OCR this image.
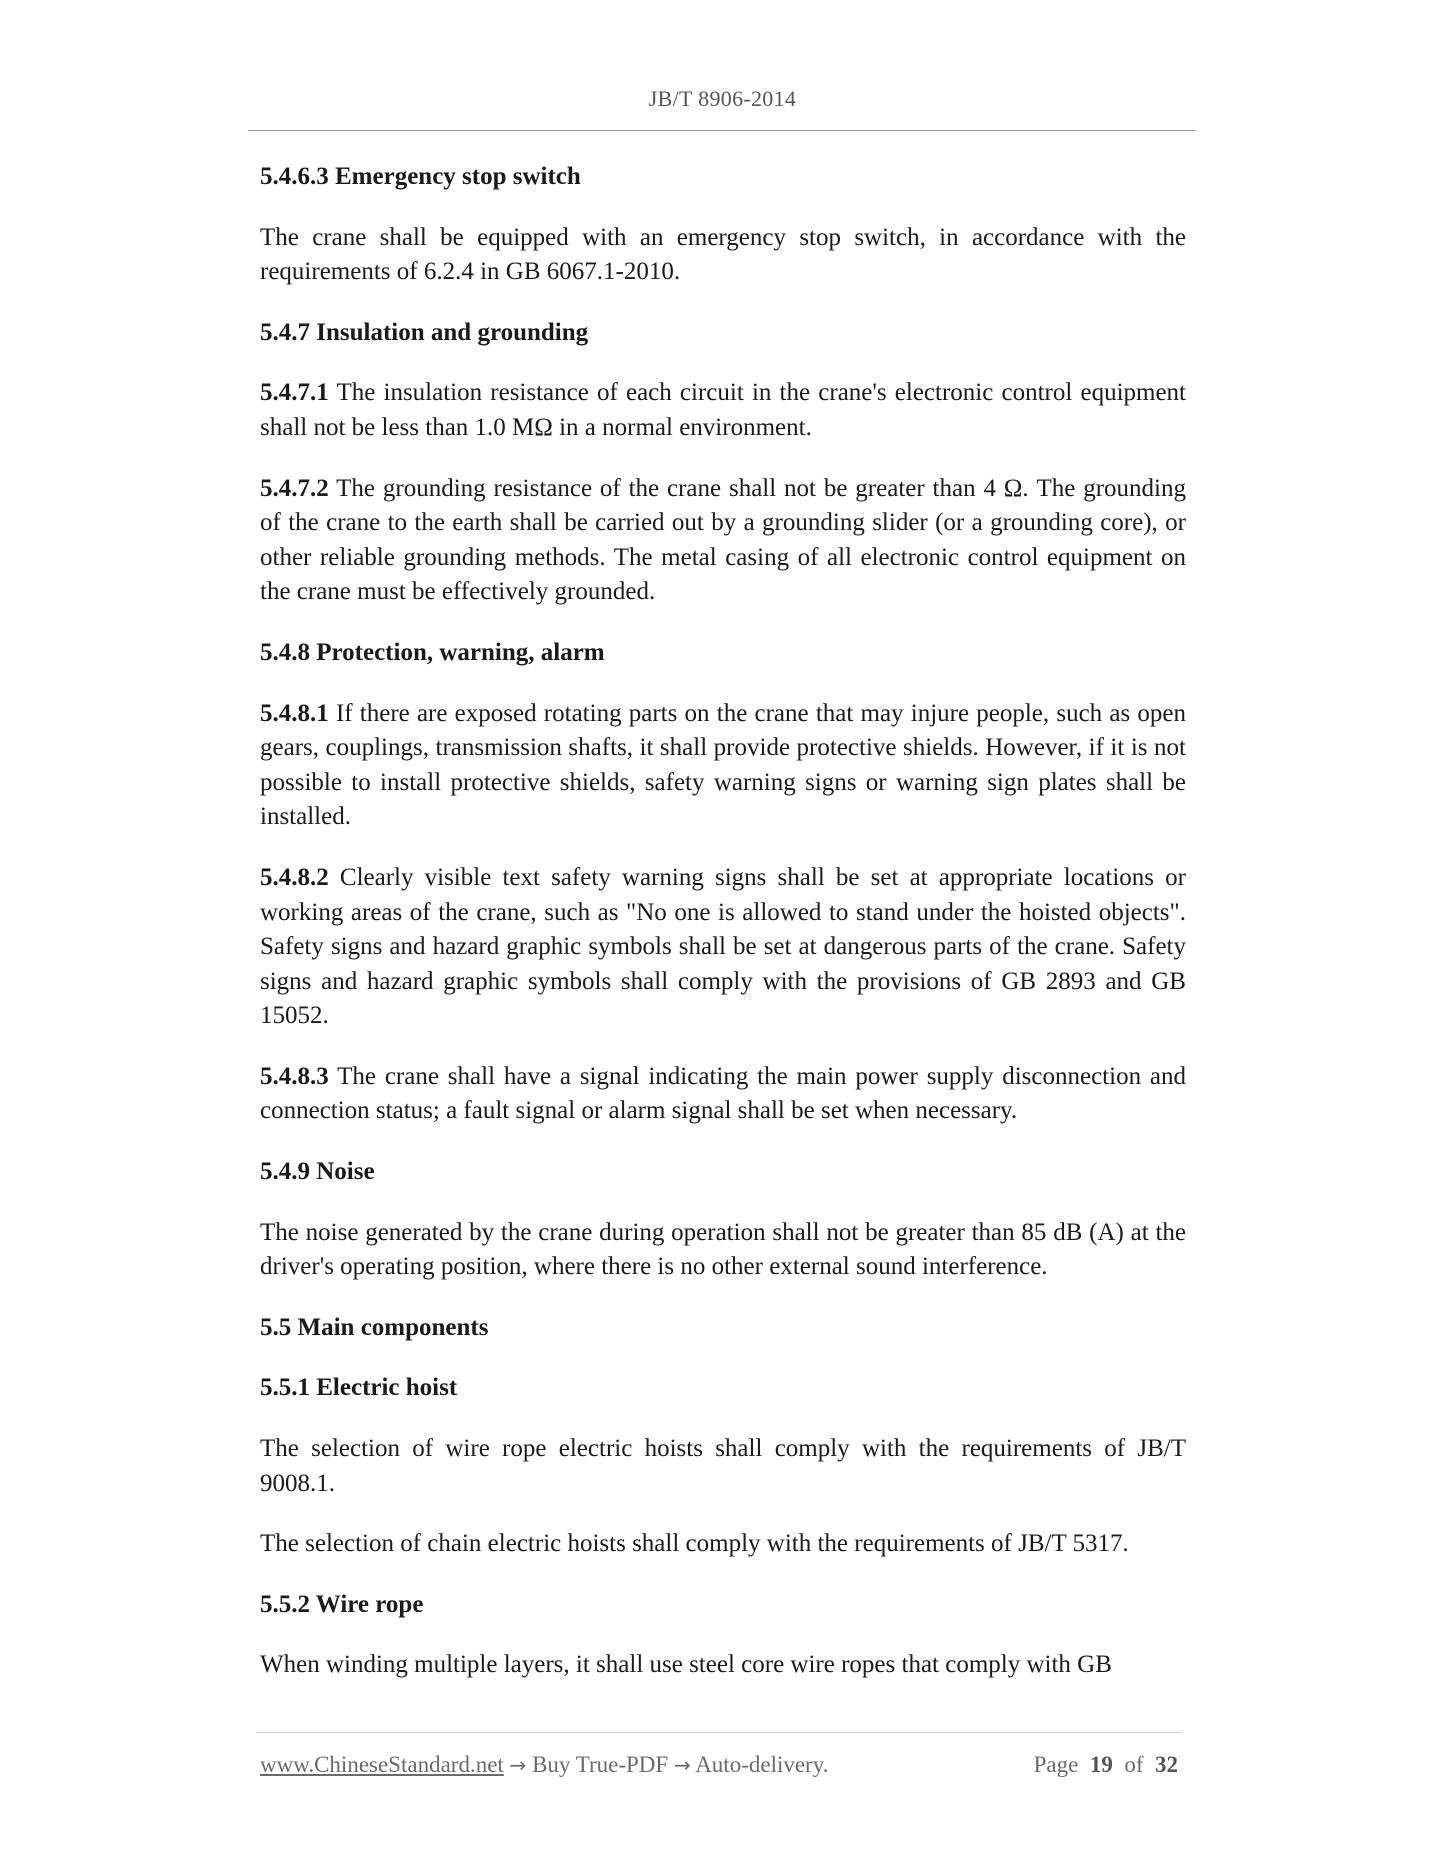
JB/T 8906-2014
5.4.6.3 Emergency stop switch

The crane shall be equipped with an emergency stop switch, in accordance with the requirements of 6.2.4 in GB 6067.1-2010.

5.4.7 Insulation and grounding

5.4.7.1 The insulation resistance of each circuit in the crane's electronic control equipment shall not be less than 1.0 MΩ in a normal environment.

5.4.7.2 The grounding resistance of the crane shall not be greater than 4 Ω. The grounding of the crane to the earth shall be carried out by a grounding slider (or a grounding core), or other reliable grounding methods. The metal casing of all electronic control equipment on the crane must be effectively grounded.

5.4.8 Protection, warning, alarm

5.4.8.1 If there are exposed rotating parts on the crane that may injure people, such as open gears, couplings, transmission shafts, it shall provide protective shields. However, if it is not possible to install protective shields, safety warning signs or warning sign plates shall be installed.

5.4.8.2 Clearly visible text safety warning signs shall be set at appropriate locations or working areas of the crane, such as "No one is allowed to stand under the hoisted objects". Safety signs and hazard graphic symbols shall be set at dangerous parts of the crane. Safety signs and hazard graphic symbols shall comply with the provisions of GB 2893 and GB 15052.

5.4.8.3 The crane shall have a signal indicating the main power supply disconnection and connection status; a fault signal or alarm signal shall be set when necessary.

5.4.9 Noise

The noise generated by the crane during operation shall not be greater than 85 dB (A) at the driver's operating position, where there is no other external sound interference.

5.5 Main components
5.5.1 Electric hoist

The selection of wire rope electric hoists shall comply with the requirements of JB/T 9008.1.

The selection of chain electric hoists shall comply with the requirements of JB/T 5317.

5.5.2 Wire rope

When winding multiple layers, it shall use steel core wire ropes that comply with GB

www.ChineseStandard.net → Buy True-PDF → Auto-delivery.	Page 19 of 32
